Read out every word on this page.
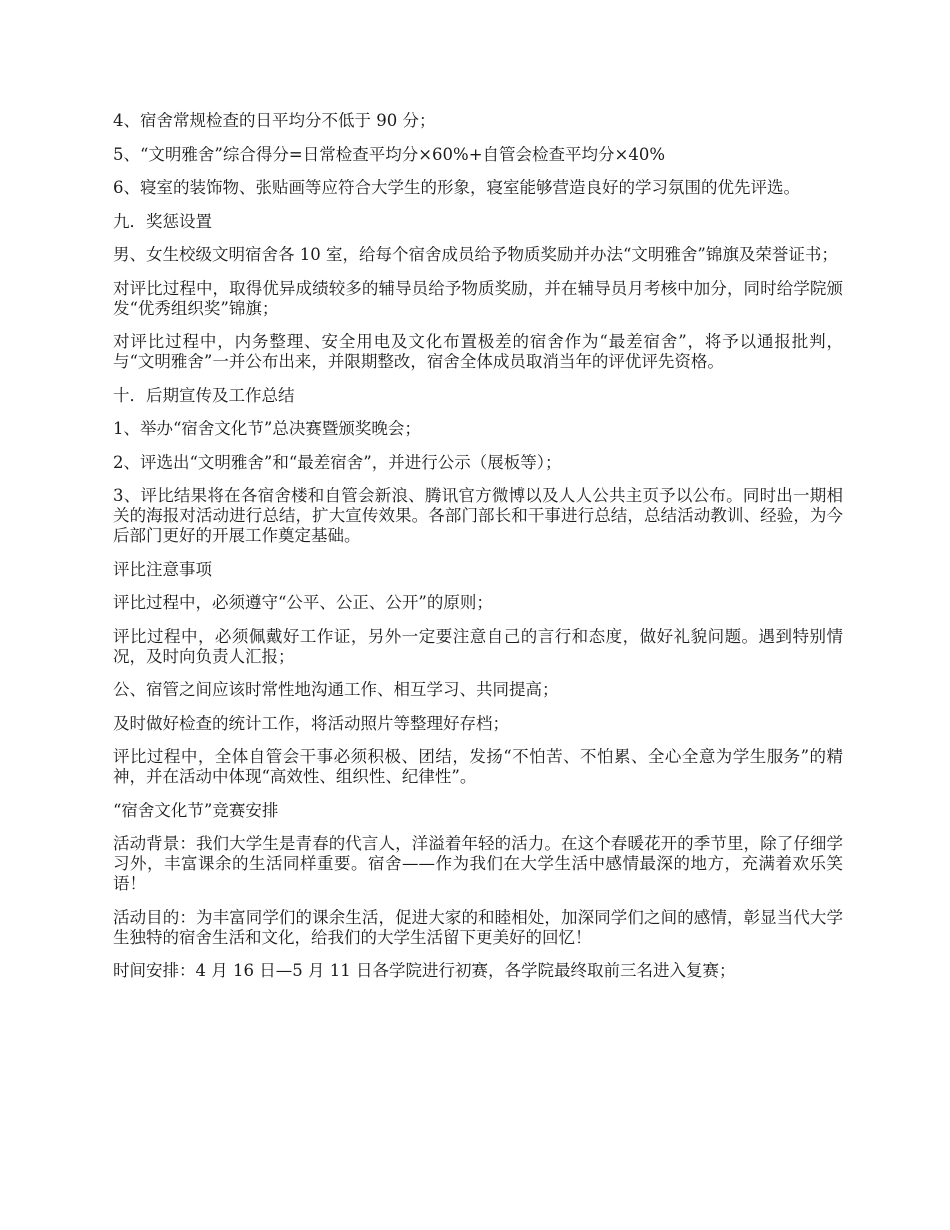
4、宿舍常规检查的日平均分不低于 90 分；

5、“文明雅舍”综合得分=日常检查平均分×60%+自管会检查平均分×40%

6、寝室的装饰物、张贴画等应符合大学生的形象，寝室能够营造良好的学习氛围的优先评选。

九．奖惩设置

男、女生校级文明宿舍各 10 室，给每个宿舍成员给予物质奖励并办法“文明雅舍”锦旗及荣誉证书；

对评比过程中，取得优异成绩较多的辅导员给予物质奖励，并在辅导员月考核中加分，同时给学院颁发“优秀组织奖”锦旗；

对评比过程中，内务整理、安全用电及文化布置极差的宿舍作为“最差宿舍”，将予以通报批判，与“文明雅舍”一并公布出来，并限期整改，宿舍全体成员取消当年的评优评先资格。

十．后期宣传及工作总结

1、举办“宿舍文化节”总决赛暨颁奖晚会；

2、评选出“文明雅舍”和“最差宿舍”，并进行公示（展板等）；

3、评比结果将在各宿舍楼和自管会新浪、腾讯官方微博以及人人公共主页予以公布。同时出一期相关的海报对活动进行总结，扩大宣传效果。各部门部长和干事进行总结，总结活动教训、经验，为今后部门更好的开展工作奠定基础。

评比注意事项

评比过程中，必须遵守“公平、公正、公开”的原则；

评比过程中，必须佩戴好工作证，另外一定要注意自己的言行和态度，做好礼貌问题。遇到特别情况，及时向负责人汇报；

公、宿管之间应该时常性地沟通工作、相互学习、共同提高；

及时做好检查的统计工作，将活动照片等整理好存档；

评比过程中，全体自管会干事必须积极、团结，发扬“不怕苦、不怕累、全心全意为学生服务”的精神，并在活动中体现“高效性、组织性、纪律性”。

“宿舍文化节”竞赛安排

活动背景：我们大学生是青春的代言人，洋溢着年轻的活力。在这个春暖花开的季节里，除了仔细学习外，丰富课余的生活同样重要。宿舍——作为我们在大学生活中感情最深的地方，充满着欢乐笑语！

活动目的：为丰富同学们的课余生活，促进大家的和睦相处，加深同学们之间的感情，彰显当代大学生独特的宿舍生活和文化，给我们的大学生活留下更美好的回忆！

时间安排：4 月 16 日—5 月 11 日各学院进行初赛，各学院最终取前三名进入复赛；
